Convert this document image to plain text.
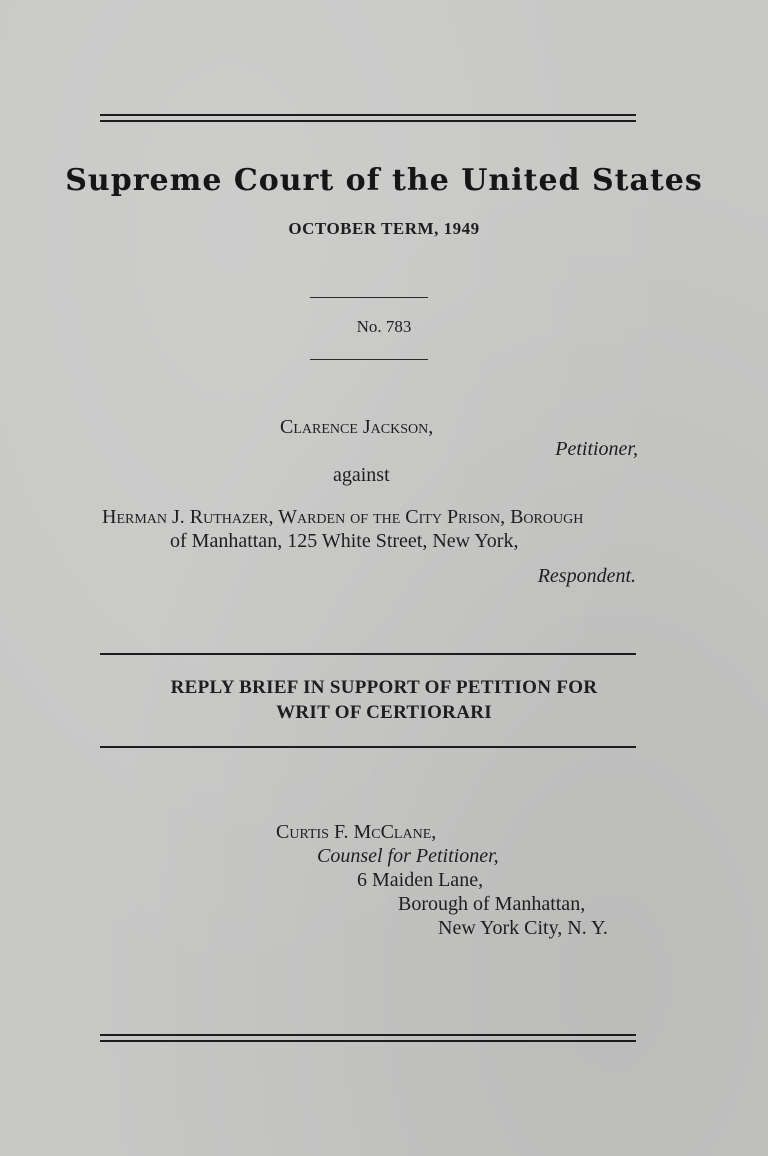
Supreme Court of the United States
OCTOBER TERM, 1949
No. 783
Clarence Jackson,
Petitioner,
against
Herman J. Ruthazer, Warden of the City Prison, Borough
of Manhattan, 125 White Street, New York,
Respondent.
REPLY BRIEF IN SUPPORT OF PETITION FOR
WRIT OF CERTIORARI
Curtis F. McClane,
Counsel for Petitioner,
6 Maiden Lane,
Borough of Manhattan,
New York City, N. Y.
